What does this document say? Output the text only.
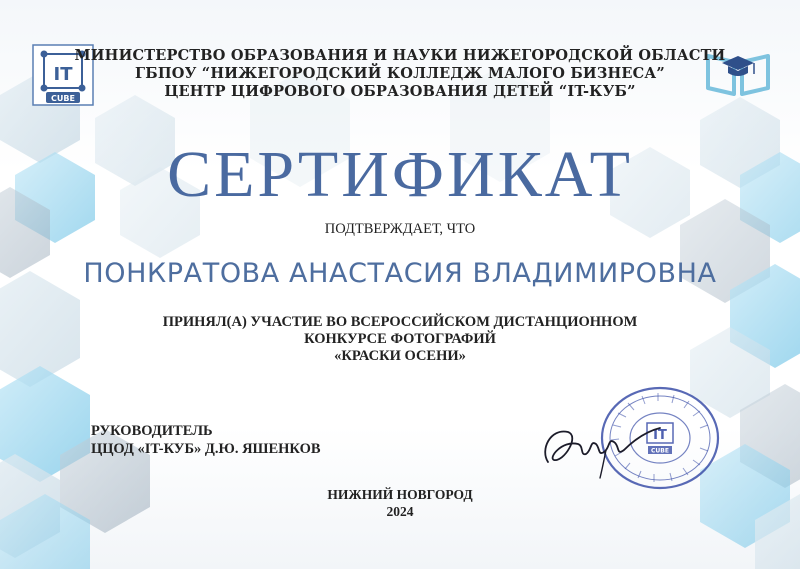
IT
CUBE
МИНИСТЕРСТВО ОБРАЗОВАНИЯ И НАУКИ НИЖЕГОРОДСКОЙ ОБЛАСТИ
ГБПОУ “НИЖЕГОРОДСКИЙ КОЛЛЕДЖ МАЛОГО БИЗНЕСА”
ЦЕНТР ЦИФРОВОГО ОБРАЗОВАНИЯ ДЕТЕЙ “IT-КУБ”
СЕРТИФИКАТ
ПОДТВЕРЖДАЕТ, ЧТО
ПОНКРАТОВА АНАСТАСИЯ ВЛАДИМИРОВНА
ПРИНЯЛ(А) УЧАСТИЕ ВО ВСЕРОССИЙСКОМ ДИСТАНЦИОННОМ
КОНКУРСЕ ФОТОГРАФИЙ
«КРАСКИ ОСЕНИ»
РУКОВОДИТЕЛЬ
ЦЦОД «IT-КУБ» Д.Ю. ЯШЕНКОВ
IT
CUBE
НИЖНИЙ НОВГОРОД
2024
